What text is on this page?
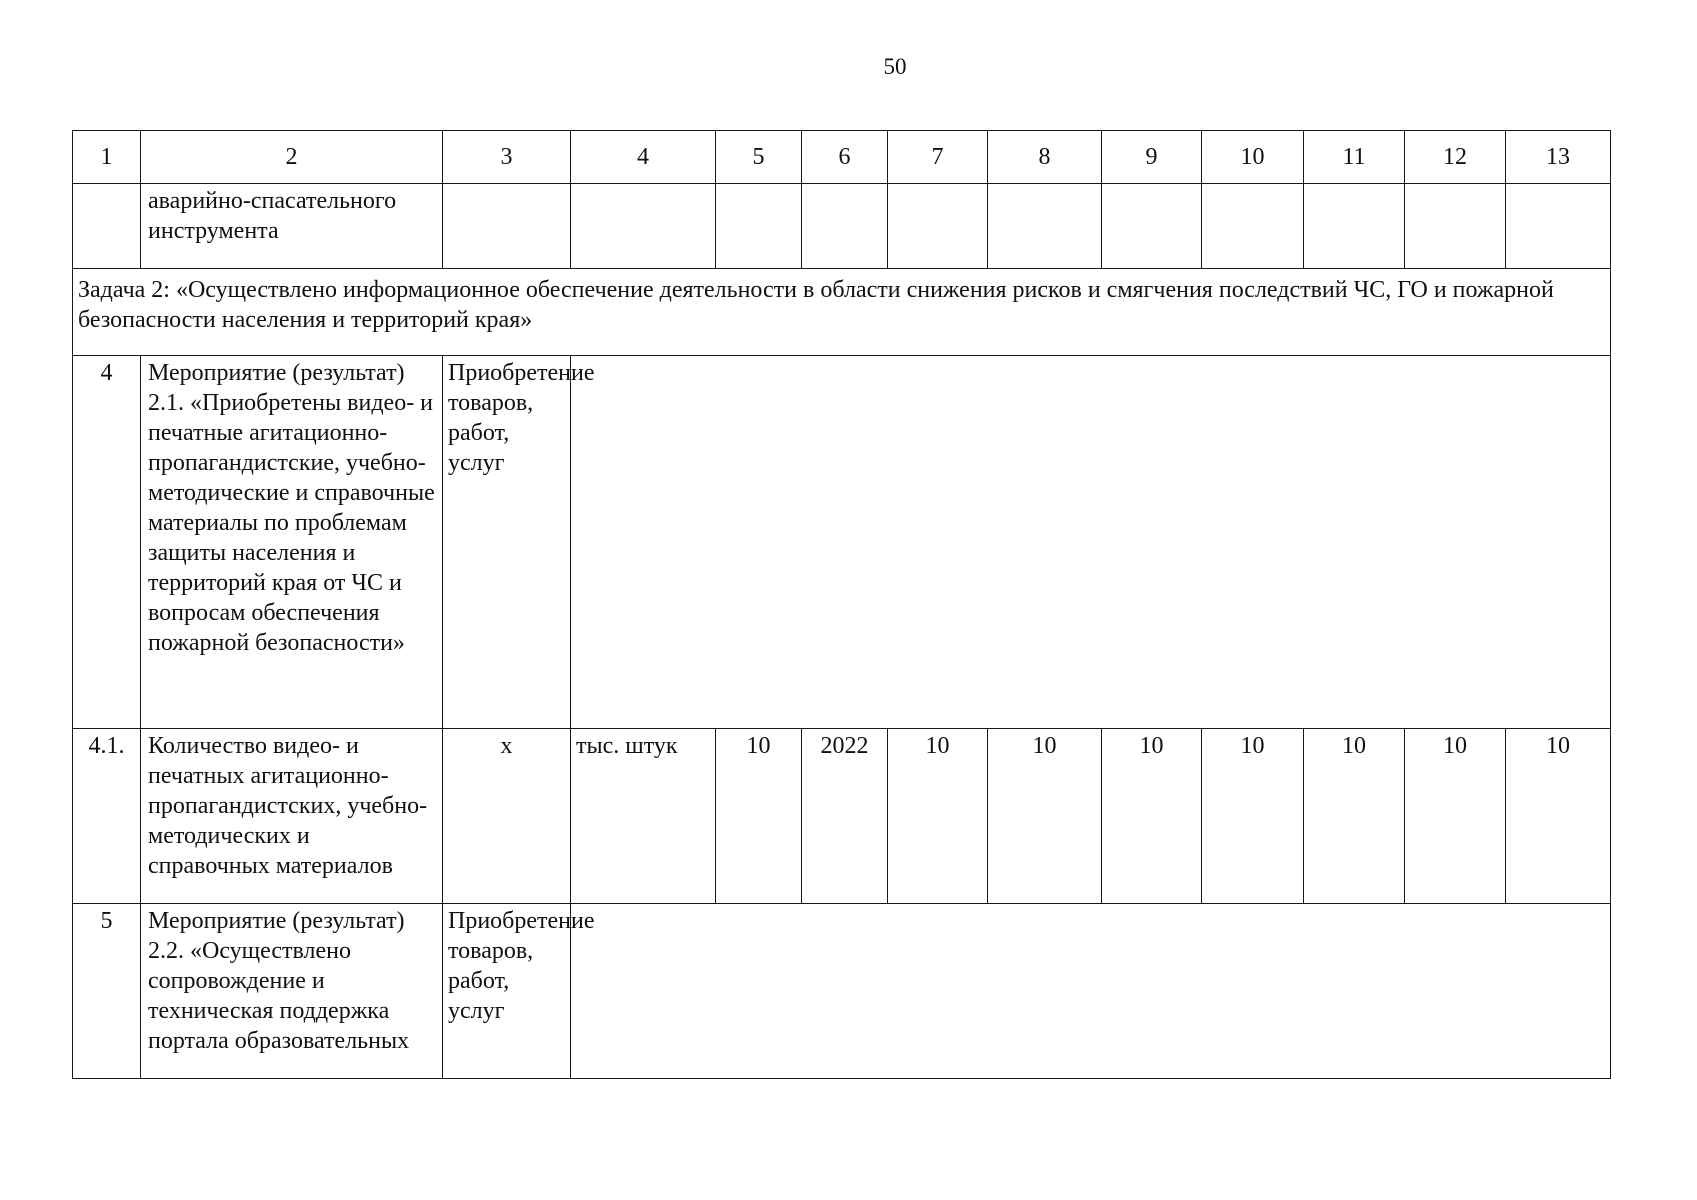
50
1	2	3	4	5	6	7	8	9	10	11	12	13
	аварийно-спасательного инструмента											
Задача 2: «Осуществлено информационное обеспечение деятельности в области снижения рисков и смягчения последствий ЧС, ГО и пожарной безопасности населения и территорий края»												
4	Мероприятие (результат) 2.1. «Приобретены видео- и печатные агитационно-пропагандистские, учебно-методические и справочные материалы по проблемам защиты населения и территорий края от ЧС и вопросам обеспечения пожарной безопасности»	Приобретение товаров, работ, услуг										
4.1.	Количество видео- и печатных агитационно-пропагандистских, учебно-методических и справочных материалов	х	тыс. штук	10	2022	10	10	10	10	10	10	10
5	Мероприятие (результат) 2.2. «Осуществлено сопровождение и техническая поддержка портала образовательных	Приобретение товаров, работ, услуг										
